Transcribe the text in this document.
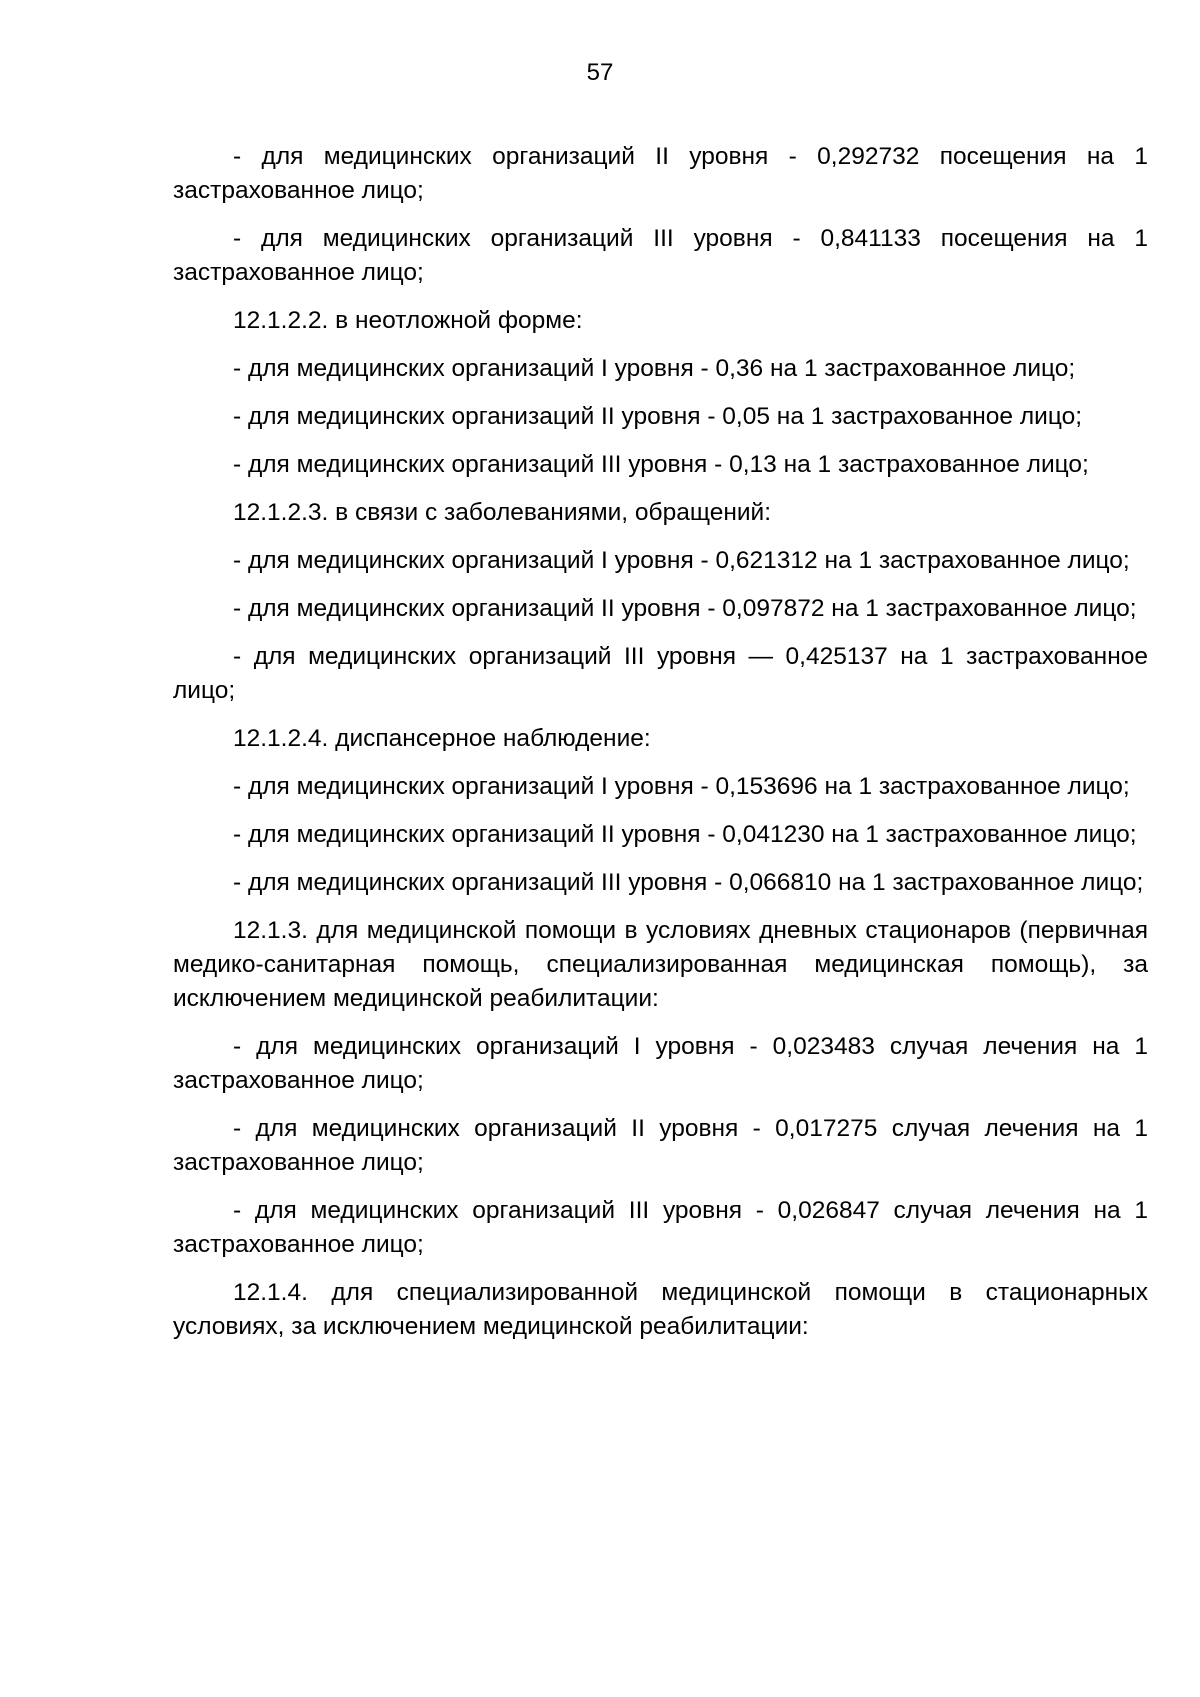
57

- для медицинских организаций II уровня - 0,292732 посещения на 1 застрахованное лицо;

- для медицинских организаций III уровня - 0,841133 посещения на 1 застрахованное лицо;

12.1.2.2. в неотложной форме:

- для медицинских организаций I уровня - 0,36 на 1 застрахованное лицо;

- для медицинских организаций II уровня - 0,05 на 1 застрахованное лицо;

- для медицинских организаций III уровня - 0,13 на 1 застрахованное лицо;

12.1.2.3. в связи с заболеваниями, обращений:

- для медицинских организаций I уровня - 0,621312 на 1 застрахованное лицо;

- для медицинских организаций II уровня - 0,097872 на 1 застрахованное лицо;

- для медицинских организаций III уровня — 0,425137 на 1 застрахованное лицо;

12.1.2.4. диспансерное наблюдение:

- для медицинских организаций I уровня - 0,153696 на 1 застрахованное лицо;

- для медицинских организаций II уровня - 0,041230 на 1 застрахованное лицо;

- для медицинских организаций III уровня - 0,066810 на 1 застрахованное лицо;

12.1.3. для медицинской помощи в условиях дневных стационаров (первичная медико-санитарная помощь, специализированная медицинская помощь), за исключением медицинской реабилитации:

- для медицинских организаций I уровня - 0,023483 случая лечения на 1 застрахованное лицо;

- для медицинских организаций II уровня - 0,017275 случая лечения на 1 застрахованное лицо;

- для медицинских организаций III уровня - 0,026847 случая лечения на 1 застрахованное лицо;

12.1.4. для специализированной медицинской помощи в стационарных условиях, за исключением медицинской реабилитации:
